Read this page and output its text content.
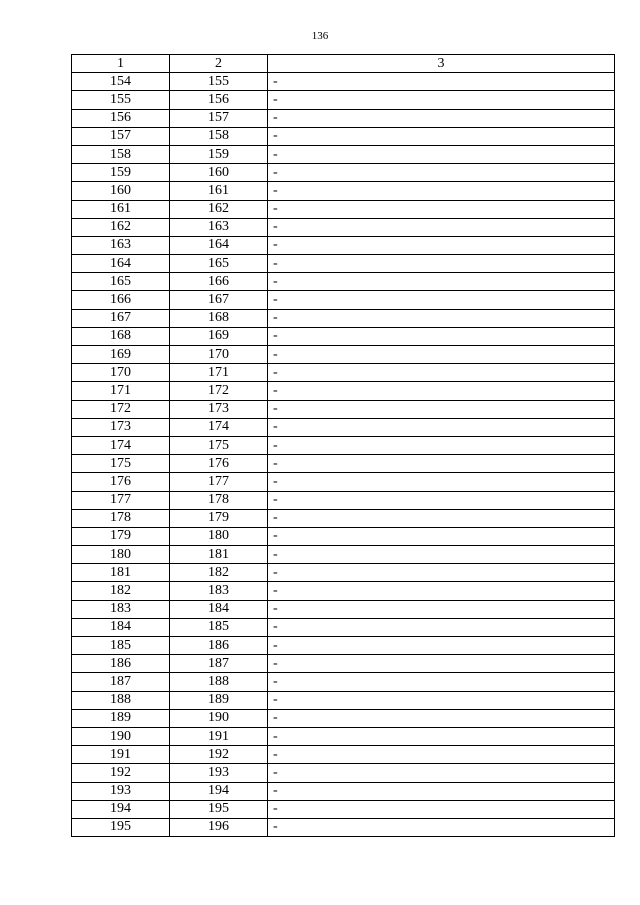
136
1	2	3
154	155	-
155	156	-
156	157	-
157	158	-
158	159	-
159	160	-
160	161	-
161	162	-
162	163	-
163	164	-
164	165	-
165	166	-
166	167	-
167	168	-
168	169	-
169	170	-
170	171	-
171	172	-
172	173	-
173	174	-
174	175	-
175	176	-
176	177	-
177	178	-
178	179	-
179	180	-
180	181	-
181	182	-
182	183	-
183	184	-
184	185	-
185	186	-
186	187	-
187	188	-
188	189	-
189	190	-
190	191	-
191	192	-
192	193	-
193	194	-
194	195	-
195	196	-
